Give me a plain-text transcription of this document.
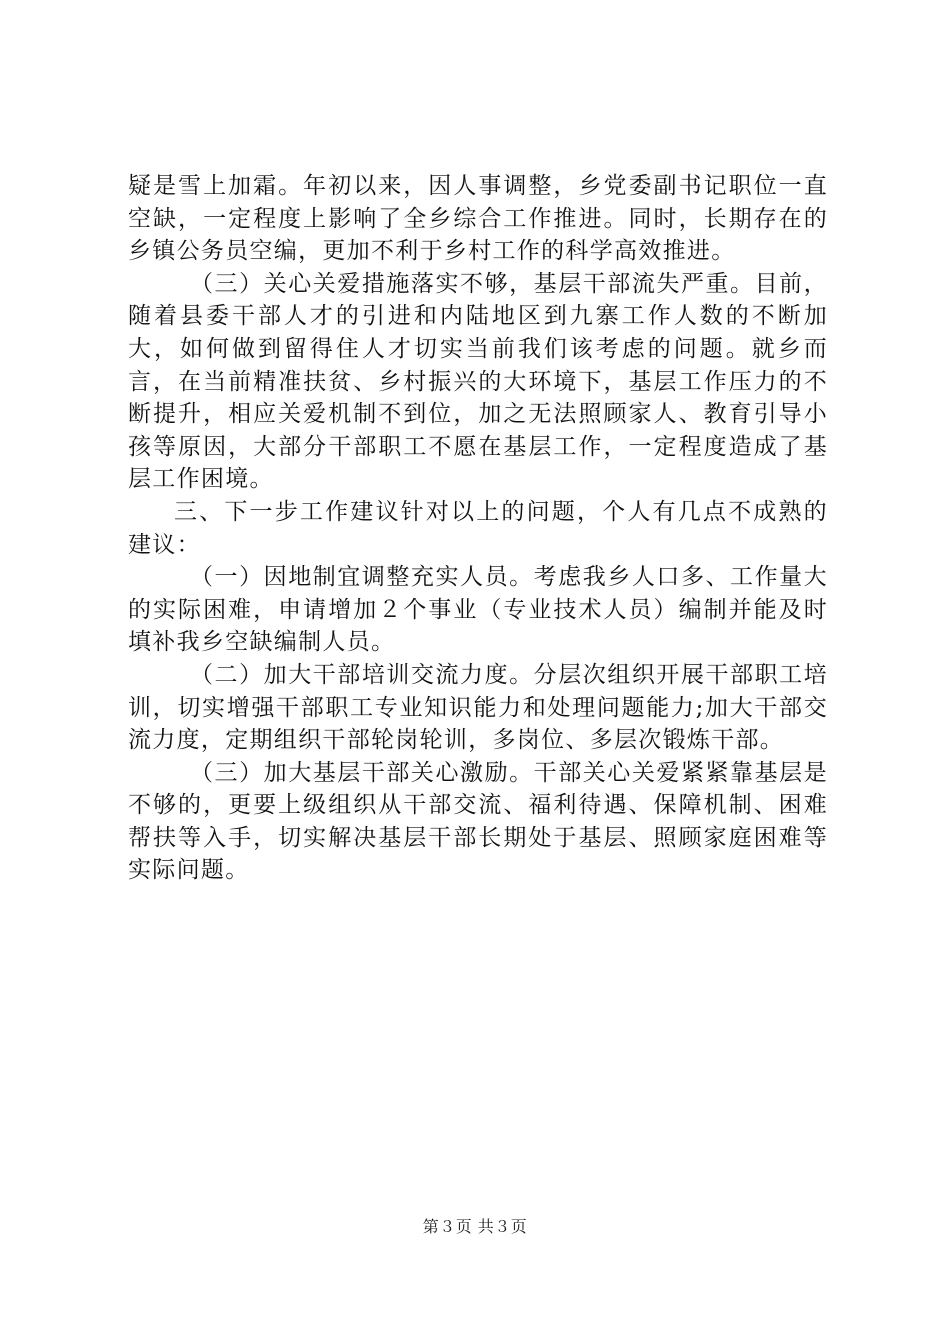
疑是雪上加霜。年初以来，因人事调整，乡党委副书记职位一直空缺，一定程度上影响了全乡综合工作推进。同时，长期存在的乡镇公务员空编，更加不利于乡村工作的科学高效推进。

（三）关心关爱措施落实不够，基层干部流失严重。目前，随着县委干部人才的引进和内陆地区到九寨工作人数的不断加大，如何做到留得住人才切实当前我们该考虑的问题。就乡而言，在当前精准扶贫、乡村振兴的大环境下，基层工作压力的不断提升，相应关爱机制不到位，加之无法照顾家人、教育引导小孩等原因，大部分干部职工不愿在基层工作，一定程度造成了基层工作困境。

三、下一步工作建议针对以上的问题，个人有几点不成熟的建议：

（一）因地制宜调整充实人员。考虑我乡人口多、工作量大的实际困难，申请增加２个事业（专业技术人员）编制并能及时填补我乡空缺编制人员。

（二）加大干部培训交流力度。分层次组织开展干部职工培训，切实增强干部职工专业知识能力和处理问题能力;加大干部交流力度，定期组织干部轮岗轮训，多岗位、多层次锻炼干部。

（三）加大基层干部关心激励。干部关心关爱紧紧靠基层是不够的，更要上级组织从干部交流、福利待遇、保障机制、困难帮扶等入手，切实解决基层干部长期处于基层、照顾家庭困难等实际问题。

第３页 共３页
